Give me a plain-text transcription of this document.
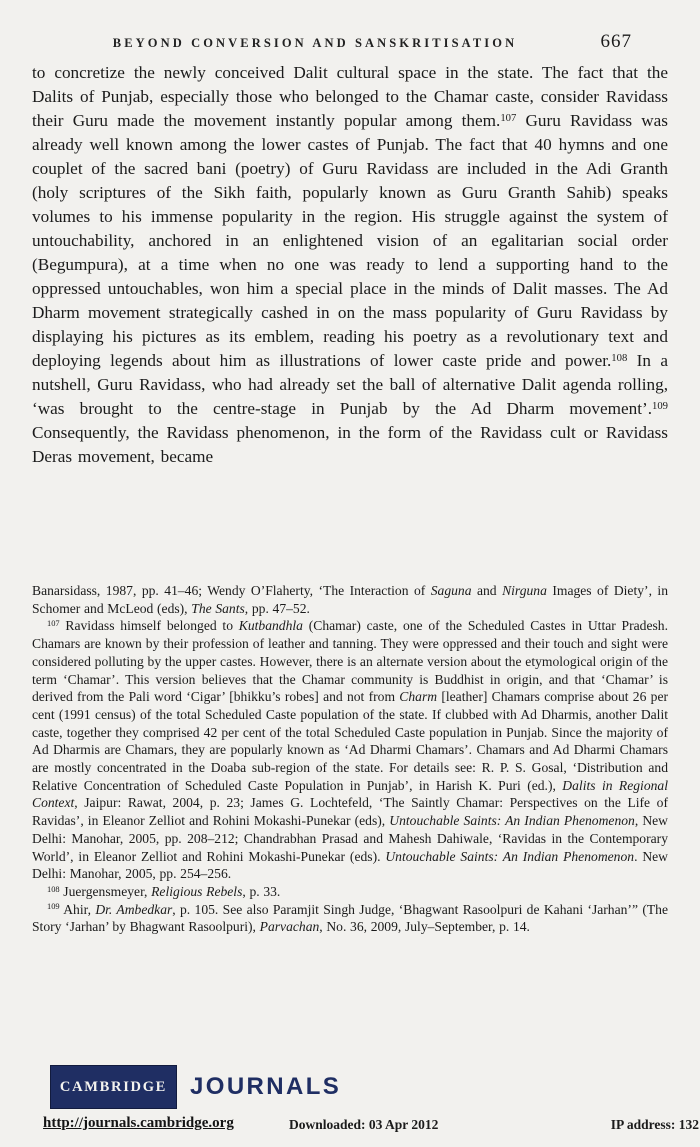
BEYOND CONVERSION AND SANSKRITISATION	667

to concretize the newly conceived Dalit cultural space in the state. The fact that the Dalits of Punjab, especially those who belonged to the Chamar caste, consider Ravidass their Guru made the movement instantly popular among them.$^{107}$ Guru Ravidass was already well known among the lower castes of Punjab. The fact that 40 hymns and one couplet of the sacred bani (poetry) of Guru Ravidass are included in the Adi Granth (holy scriptures of the Sikh faith, popularly known as Guru Granth Sahib) speaks volumes to his immense popularity in the region. His struggle against the system of untouchability, anchored in an enlightened vision of an egalitarian social order (Begumpura), at a time when no one was ready to lend a supporting hand to the oppressed untouchables, won him a special place in the minds of Dalit masses. The Ad Dharm movement strategically cashed in on the mass popularity of Guru Ravidass by displaying his pictures as its emblem, reading his poetry as a revolutionary text and deploying legends about him as illustrations of lower caste pride and power.$^{108}$ In a nutshell, Guru Ravidass, who had already set the ball of alternative Dalit agenda rolling, ‘was brought to the centre-stage in Punjab by the Ad Dharm movement’.$^{109}$ Consequently, the Ravidass phenomenon, in the form of the Ravidass cult or Ravidass Deras movement, became

Banarsidass, 1987, pp. 41–46; Wendy O’Flaherty, ‘The Interaction of Saguna and Nirguna Images of Diety’, in Schomer and McLeod (eds), The Sants, pp. 47–52.

$^{107}$ Ravidass himself belonged to Kutbandhla (Chamar) caste, one of the Scheduled Castes in Uttar Pradesh. Chamars are known by their profession of leather and tanning. They were oppressed and their touch and sight were considered polluting by the upper castes. However, there is an alternate version about the etymological origin of the term ‘Chamar’. This version believes that the Chamar community is Buddhist in origin, and that ‘Chamar’ is derived from the Pali word ‘Cigar’ [bhikku’s robes] and not from Charm [leather] Chamars comprise about 26 per cent (1991 census) of the total Scheduled Caste population of the state. If clubbed with Ad Dharmis, another Dalit caste, together they comprised 42 per cent of the total Scheduled Caste population in Punjab. Since the majority of Ad Dharmis are Chamars, they are popularly known as ‘Ad Dharmi Chamars’. Chamars and Ad Dharmi Chamars are mostly concentrated in the Doaba sub-region of the state. For details see: R. P. S. Gosal, ‘Distribution and Relative Concentration of Scheduled Caste Population in Punjab’, in Harish K. Puri (ed.), Dalits in Regional Context, Jaipur: Rawat, 2004, p. 23; James G. Lochtefeld, ‘The Saintly Chamar: Perspectives on the Life of Ravidas’, in Eleanor Zelliot and Rohini Mokashi-Punekar (eds), Untouchable Saints: An Indian Phenomenon, New Delhi: Manohar, 2005, pp. 208–212; Chandrabhan Prasad and Mahesh Dahiwale, ‘Ravidas in the Contemporary World’, in Eleanor Zelliot and Rohini Mokashi-Punekar (eds). Untouchable Saints: An Indian Phenomenon. New Delhi: Manohar, 2005, pp. 254–256.

$^{108}$ Juergensmeyer, Religious Rebels, p. 33.

$^{109}$ Ahir, Dr. Ambedkar, p. 105. See also Paramjit Singh Judge, ‘Bhagwant Rasoolpuri de Kahani ‘Jarhan’” (The Story ‘Jarhan’ by Bhagwant Rasoolpuri), Parvachan, No. 36, 2009, July–September, p. 14.

CAMBRIDGE JOURNALS
http://journals.cambridge.org	Downloaded: 03 Apr 2012	IP address: 132
